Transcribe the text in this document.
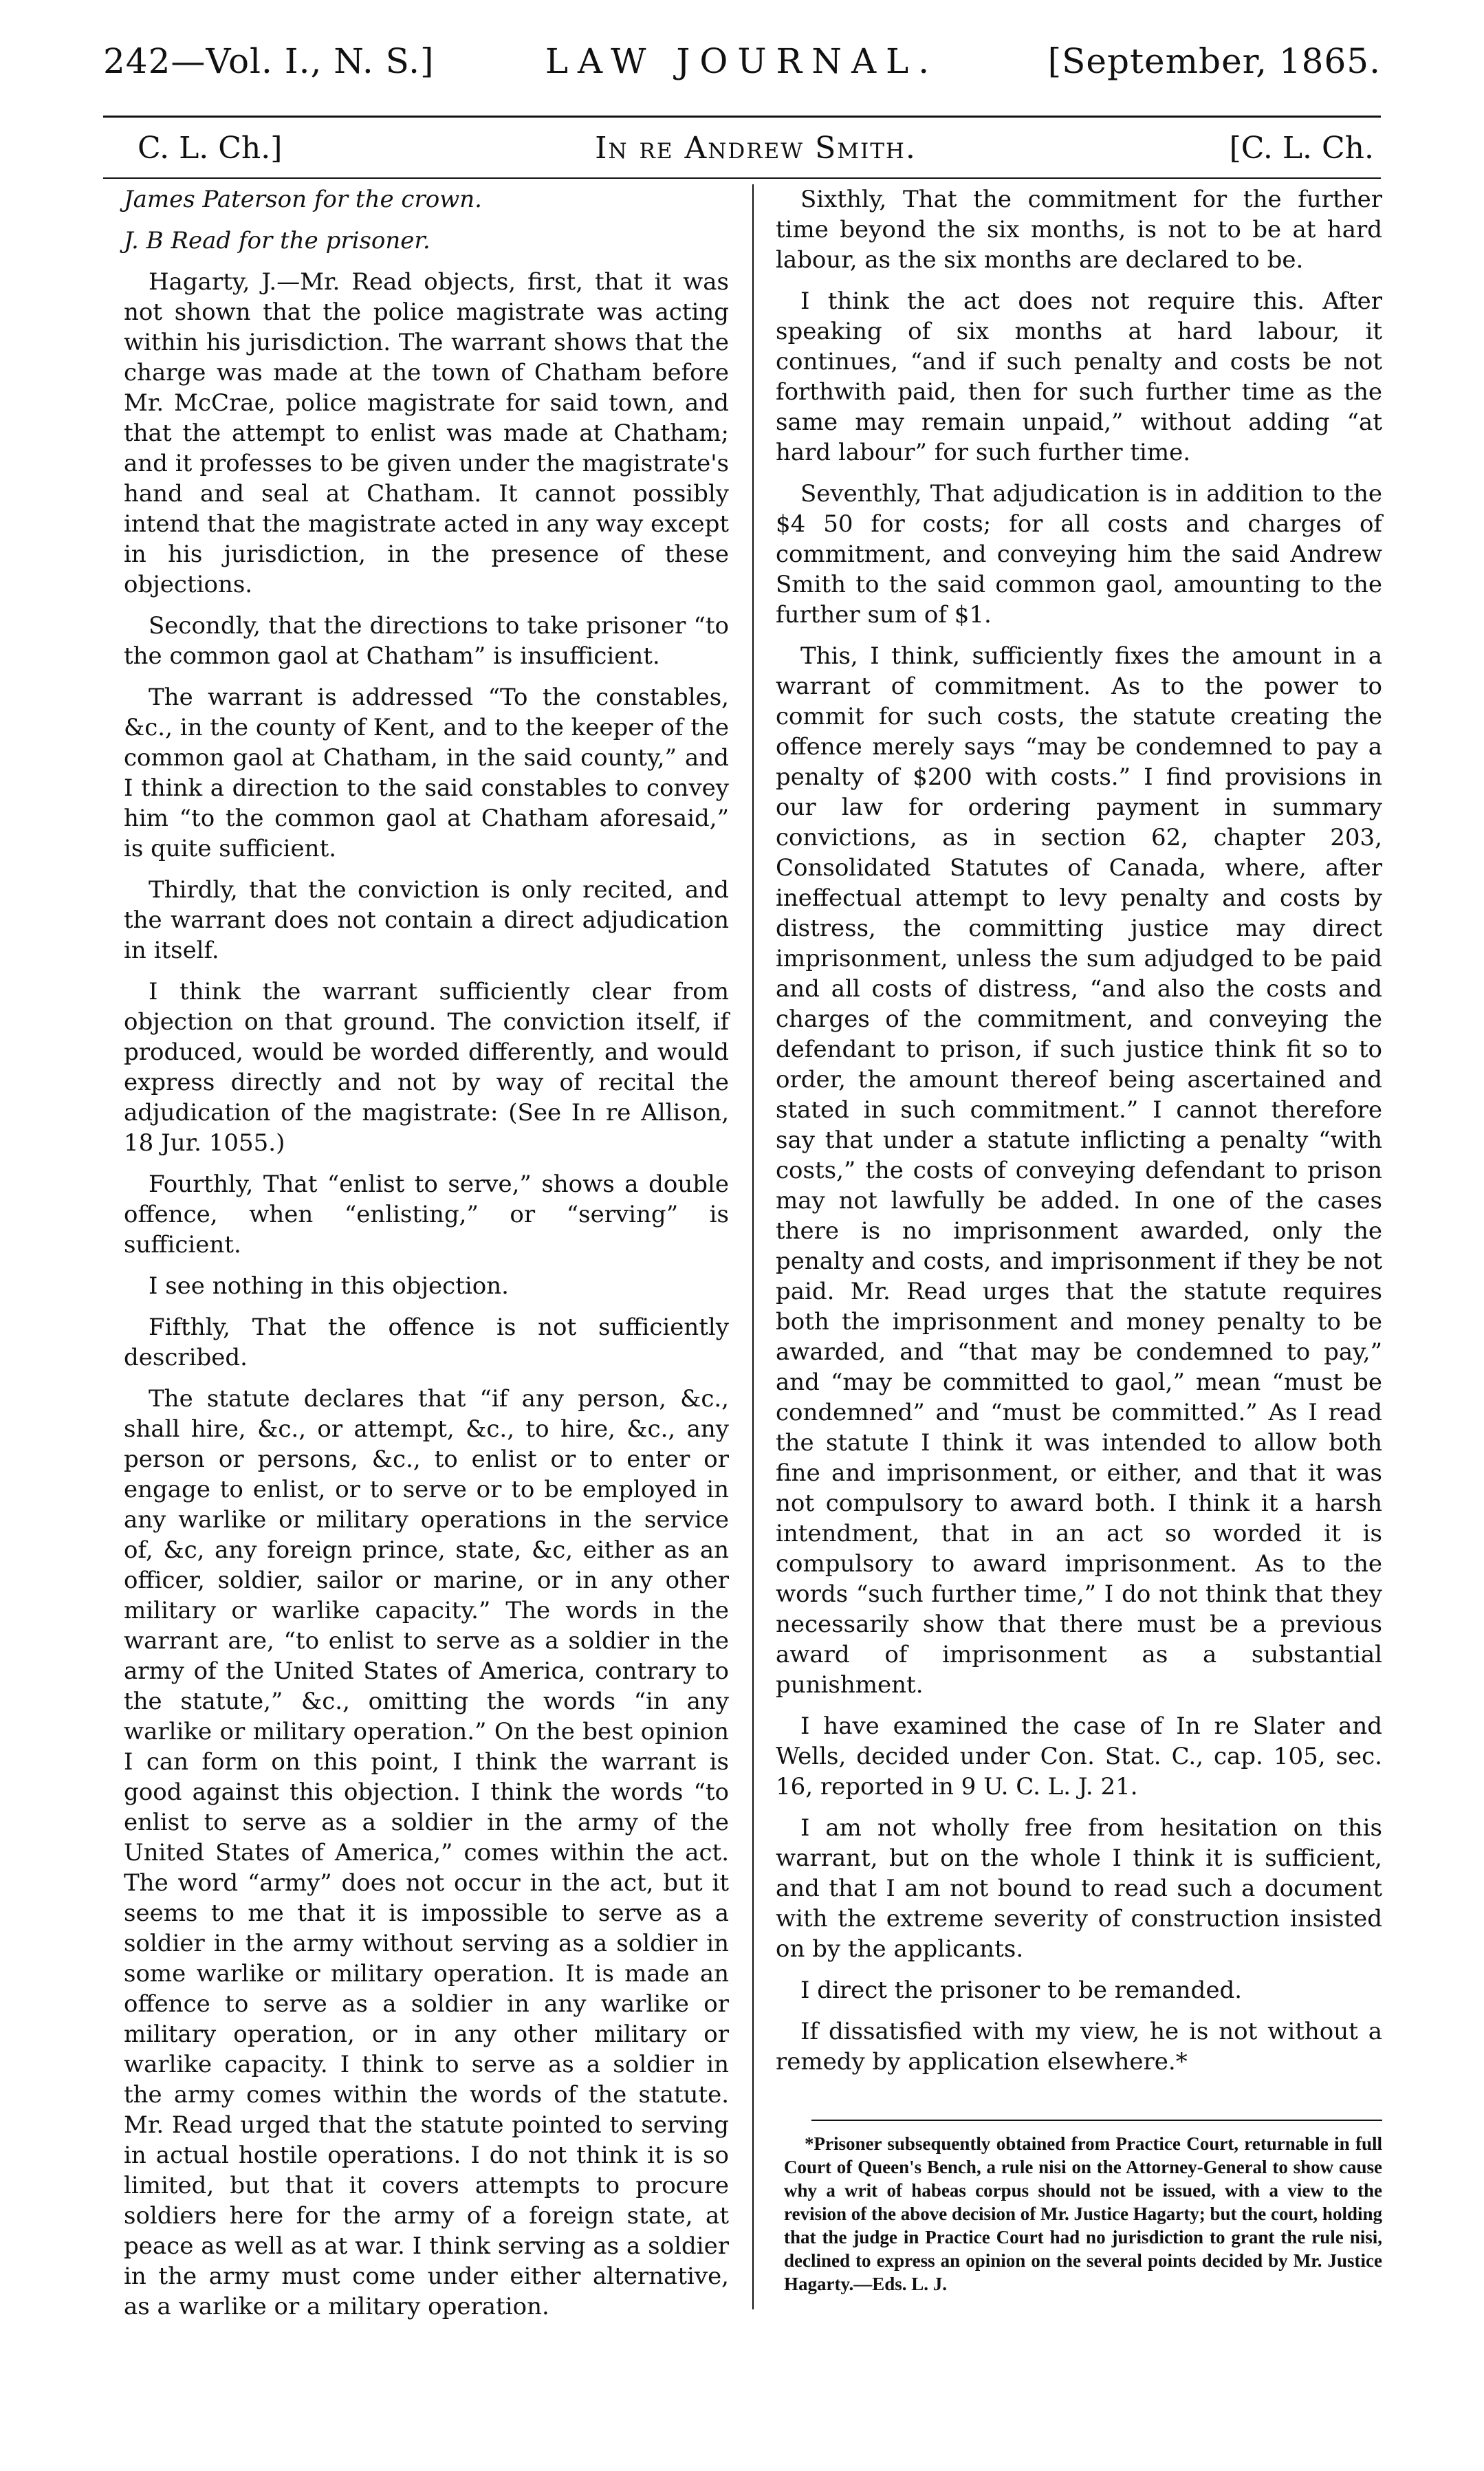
242—Vol. I., N. S.]	LAW JOURNAL.	[September, 1865.
C. L. Ch.]	In re Andrew Smith.	[C. L. Ch.

James Paterson for the crown.

J. B Read for the prisoner.

Hagarty, J.—Mr. Read objects, first, that it was not shown that the police magistrate was acting within his jurisdiction. The warrant shows that the charge was made at the town of Chatham before Mr. McCrae, police magistrate for said town, and that the attempt to enlist was made at Chatham; and it professes to be given under the magistrate's hand and seal at Chatham. It cannot possibly intend that the magistrate acted in any way except in his jurisdiction, in the presence of these objections.

Secondly, that the directions to take prisoner “to the common gaol at Chatham” is insufficient.

The warrant is addressed “To the constables, &c., in the county of Kent, and to the keeper of the common gaol at Chatham, in the said county,” and I think a direction to the said constables to convey him “to the common gaol at Chatham aforesaid,” is quite sufficient.

Thirdly, that the conviction is only recited, and the warrant does not contain a direct adjudication in itself.

I think the warrant sufficiently clear from objection on that ground. The conviction itself, if produced, would be worded differently, and would express directly and not by way of recital the adjudication of the magistrate: (See In re Allison, 18 Jur. 1055.)

Fourthly, That “enlist to serve,” shows a double offence, when “enlisting,” or “serving” is sufficient.

I see nothing in this objection.

Fifthly, That the offence is not sufficiently described.

The statute declares that “if any person, &c., shall hire, &c., or attempt, &c., to hire, &c., any person or persons, &c., to enlist or to enter or engage to enlist, or to serve or to be employed in any warlike or military operations in the service of, &c, any foreign prince, state, &c, either as an officer, soldier, sailor or marine, or in any other military or warlike capacity.” The words in the warrant are, “to enlist to serve as a soldier in the army of the United States of America, contrary to the statute,” &c., omitting the words “in any warlike or military operation.” On the best opinion I can form on this point, I think the warrant is good against this objection. I think the words “to enlist to serve as a soldier in the army of the United States of America,” comes within the act. The word “army” does not occur in the act, but it seems to me that it is impossible to serve as a soldier in the army without serving as a soldier in some warlike or military operation. It is made an offence to serve as a soldier in any warlike or military operation, or in any other military or warlike capacity. I think to serve as a soldier in the army comes within the words of the statute. Mr. Read urged that the statute pointed to serving in actual hostile operations. I do not think it is so limited, but that it covers attempts to procure soldiers here for the army of a foreign state, at peace as well as at war. I think serving as a soldier in the army must come under either alternative, as a warlike or a military operation.

Sixthly, That the commitment for the further time beyond the six months, is not to be at hard labour, as the six months are declared to be.

I think the act does not require this. After speaking of six months at hard labour, it continues, “and if such penalty and costs be not forthwith paid, then for such further time as the same may remain unpaid,” without adding “at hard labour” for such further time.

Seventhly, That adjudication is in addition to the $4 50 for costs; for all costs and charges of commitment, and conveying him the said Andrew Smith to the said common gaol, amounting to the further sum of $1.

This, I think, sufficiently fixes the amount in a warrant of commitment. As to the power to commit for such costs, the statute creating the offence merely says “may be condemned to pay a penalty of $200 with costs.” I find provisions in our law for ordering payment in summary convictions, as in section 62, chapter 203, Consolidated Statutes of Canada, where, after ineffectual attempt to levy penalty and costs by distress, the committing justice may direct imprisonment, unless the sum adjudged to be paid and all costs of distress, “and also the costs and charges of the commitment, and conveying the defendant to prison, if such justice think fit so to order, the amount thereof being ascertained and stated in such commitment.” I cannot therefore say that under a statute inflicting a penalty “with costs,” the costs of conveying defendant to prison may not lawfully be added. In one of the cases there is no imprisonment awarded, only the penalty and costs, and imprisonment if they be not paid. Mr. Read urges that the statute requires both the imprisonment and money penalty to be awarded, and “that may be condemned to pay,” and “may be committed to gaol,” mean “must be condemned” and “must be committed.” As I read the statute I think it was intended to allow both fine and imprisonment, or either, and that it was not compulsory to award both. I think it a harsh intendment, that in an act so worded it is compulsory to award imprisonment. As to the words “such further time,” I do not think that they necessarily show that there must be a previous award of imprisonment as a substantial punishment.

I have examined the case of In re Slater and Wells, decided under Con. Stat. C., cap. 105, sec. 16, reported in 9 U. C. L. J. 21.

I am not wholly free from hesitation on this warrant, but on the whole I think it is sufficient, and that I am not bound to read such a document with the extreme severity of construction insisted on by the applicants.

I direct the prisoner to be remanded.

If dissatisfied with my view, he is not without a remedy by application elsewhere.*

*Prisoner subsequently obtained from Practice Court, returnable in full Court of Queen's Bench, a rule nisi on the Attorney-General to show cause why a writ of habeas corpus should not be issued, with a view to the revision of the above decision of Mr. Justice Hagarty; but the court, holding that the judge in Practice Court had no jurisdiction to grant the rule nisi, declined to express an opinion on the several points decided by Mr. Justice Hagarty.—Eds. L. J.
